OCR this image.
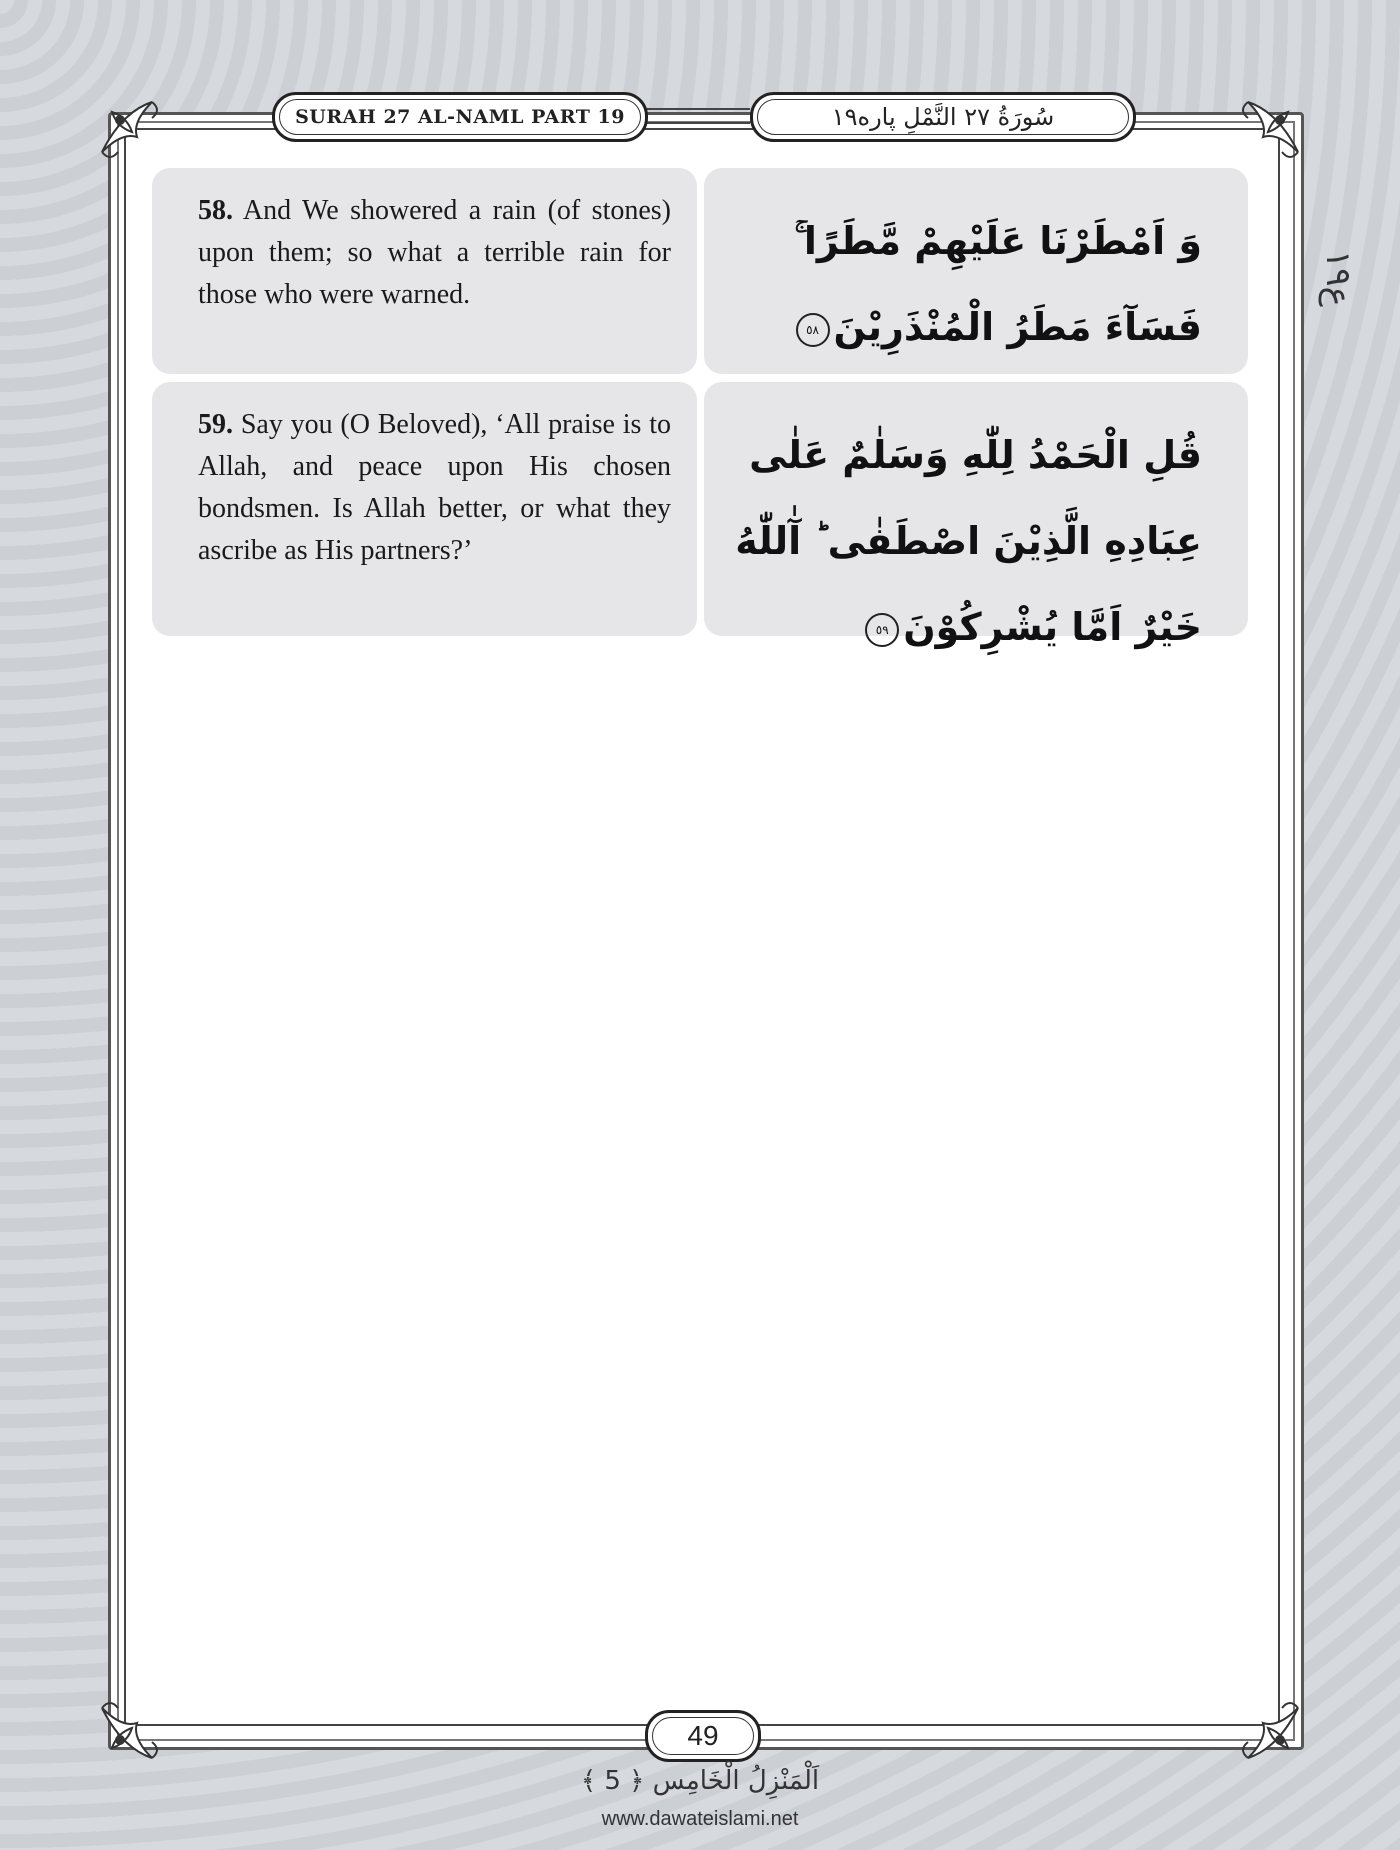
SURAH 27 AL-NAML PART 19	سُورَةُ ٢٧ النَّمْلِ پاره١٩
ع۱۹
58. And We showered a rain (of stones) upon them; so what a terrible rain for those who were warned.
وَ اَمْطَرْنَا عَلَيْهِمْ مَّطَرًا ۚ فَسَآءَ مَطَرُ الْمُنْذَرِيْنَ٥٨
59. Say you (O Beloved), ‘All praise is to Allah, and peace upon His chosen bondsmen. Is Allah better, or what they ascribe as His partners?’
قُلِ الْحَمْدُ لِلّٰهِ وَسَلٰمٌ عَلٰى عِبَادِهِ الَّذِيْنَ اصْطَفٰى ؕ آٰللّٰهُ خَيْرٌ اَمَّا يُشْرِكُوْنَ٥٩
49
اَلْمَنْزِلُ الْخَامِس ﴿ 5 ﴾
www.dawateislami.net
